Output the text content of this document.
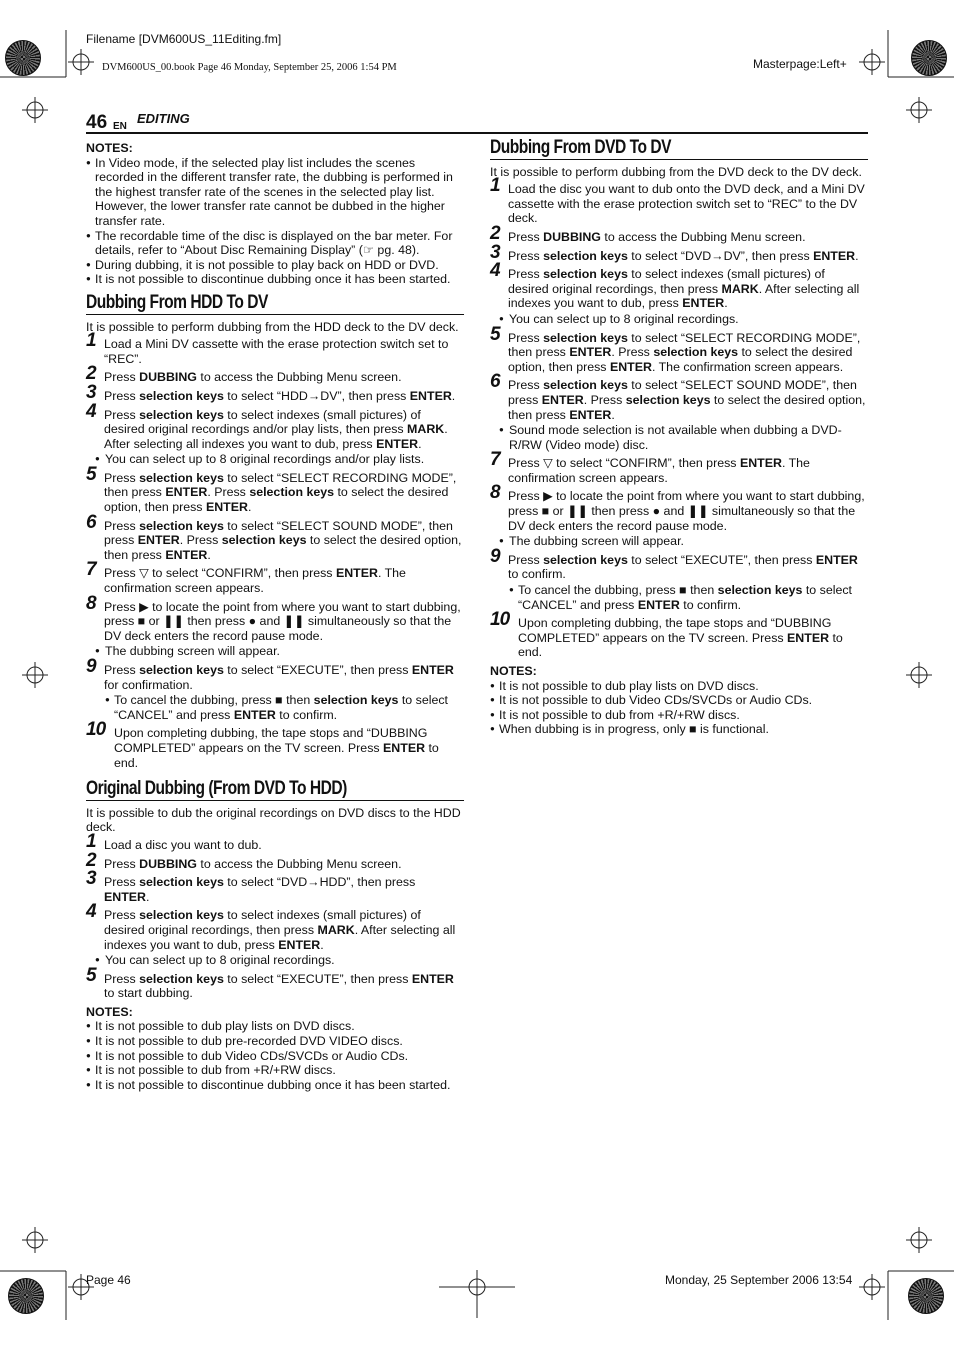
Filename [DVM600US_11Editing.fm]
DVM600US_00.book Page 46 Monday, September 25, 2006 1:54 PM	Masterpage:Left+
46 EN
EDITING

NOTES:

● In Video mode, if the selected play list includes the scenes recorded in the different transfer rate, the dubbing is performed in the highest transfer rate of the scenes in the selected play list. However, the lower transfer rate cannot be dubbed in the higher transfer rate.

● The recordable time of the disc is displayed on the bar meter. For details, refer to “About Disc Remaining Display” (☞ pg. 48).

● During dubbing, it is not possible to play back on HDD or DVD.

● It is not possible to discontinue dubbing once it has been started.

Dubbing From HDD To DV

It is possible to perform dubbing from the HDD deck to the DV deck.

1 Load a Mini DV cassette with the erase protection switch set to “REC”.
2 Press DUBBING to access the Dubbing Menu screen.
3 Press selection keys to select “HDD→DV”, then press ENTER.
4 Press selection keys to select indexes (small pictures) of desired original recordings and/or play lists, then press MARK. After selecting all indexes you want to dub, press ENTER.

● You can select up to 8 original recordings and/or play lists.

5 Press selection keys to select “SELECT RECORDING MODE”, then press ENTER. Press selection keys to select the desired option, then press ENTER.
6 Press selection keys to select “SELECT SOUND MODE”, then press ENTER. Press selection keys to select the desired option, then press ENTER.
7 Press ▽ to select “CONFIRM”, then press ENTER. The confirmation screen appears.
8 Press ▶ to locate the point from where you want to start dubbing, press ■ or ❚❚ then press ● and ❚❚ simultaneously so that the DV deck enters the record pause mode.

● The dubbing screen will appear.

9 Press selection keys to select “EXECUTE”, then press ENTER for confirmation.

● To cancel the dubbing, press ■ then selection keys to select “CANCEL” and press ENTER to confirm.

10 Upon completing dubbing, the tape stops and “DUBBING COMPLETED” appears on the TV screen. Press ENTER to end.
Original Dubbing (From DVD To HDD)

It is possible to dub the original recordings on DVD discs to the HDD deck.

1 Load a disc you want to dub.
2 Press DUBBING to access the Dubbing Menu screen.
3 Press selection keys to select “DVD→HDD”, then press ENTER.
4 Press selection keys to select indexes (small pictures) of desired original recordings, then press MARK. After selecting all indexes you want to dub, press ENTER.

● You can select up to 8 original recordings.

5 Press selection keys to select “EXECUTE”, then press ENTER to start dubbing.

NOTES:

● It is not possible to dub play lists on DVD discs.

● It is not possible to dub pre-recorded DVD VIDEO discs.

● It is not possible to dub Video CDs/SVCDs or Audio CDs.

● It is not possible to dub from +R/+RW discs.

● It is not possible to discontinue dubbing once it has been started.

Dubbing From DVD To DV

It is possible to perform dubbing from the DVD deck to the DV deck.

1 Load the disc you want to dub onto the DVD deck, and a Mini DV cassette with the erase protection switch set to “REC” to the DV deck.
2 Press DUBBING to access the Dubbing Menu screen.
3 Press selection keys to select “DVD→DV”, then press ENTER.
4 Press selection keys to select indexes (small pictures) of desired original recordings, then press MARK. After selecting all indexes you want to dub, press ENTER.

● You can select up to 8 original recordings.

5 Press selection keys to select “SELECT RECORDING MODE”, then press ENTER. Press selection keys to select the desired option, then press ENTER. The confirmation screen appears.
6 Press selection keys to select “SELECT SOUND MODE”, then press ENTER. Press selection keys to select the desired option, then press ENTER.

● Sound mode selection is not available when dubbing a DVD-R/RW (Video mode) disc.

7 Press ▽ to select “CONFIRM”, then press ENTER. The confirmation screen appears.
8 Press ▶ to locate the point from where you want to start dubbing, press ■ or ❚❚ then press ● and ❚❚ simultaneously so that the DV deck enters the record pause mode.

● The dubbing screen will appear.

9 Press selection keys to select “EXECUTE”, then press ENTER to confirm.

● To cancel the dubbing, press ■ then selection keys to select “CANCEL” and press ENTER to confirm.

10 Upon completing dubbing, the tape stops and “DUBBING COMPLETED” appears on the TV screen. Press ENTER to end.

NOTES:

● It is not possible to dub play lists on DVD discs.

● It is not possible to dub Video CDs/SVCDs or Audio CDs.

● It is not possible to dub from +R/+RW discs.

● When dubbing is in progress, only ■ is functional.

Page 46	Monday, 25 September 2006 13:54
